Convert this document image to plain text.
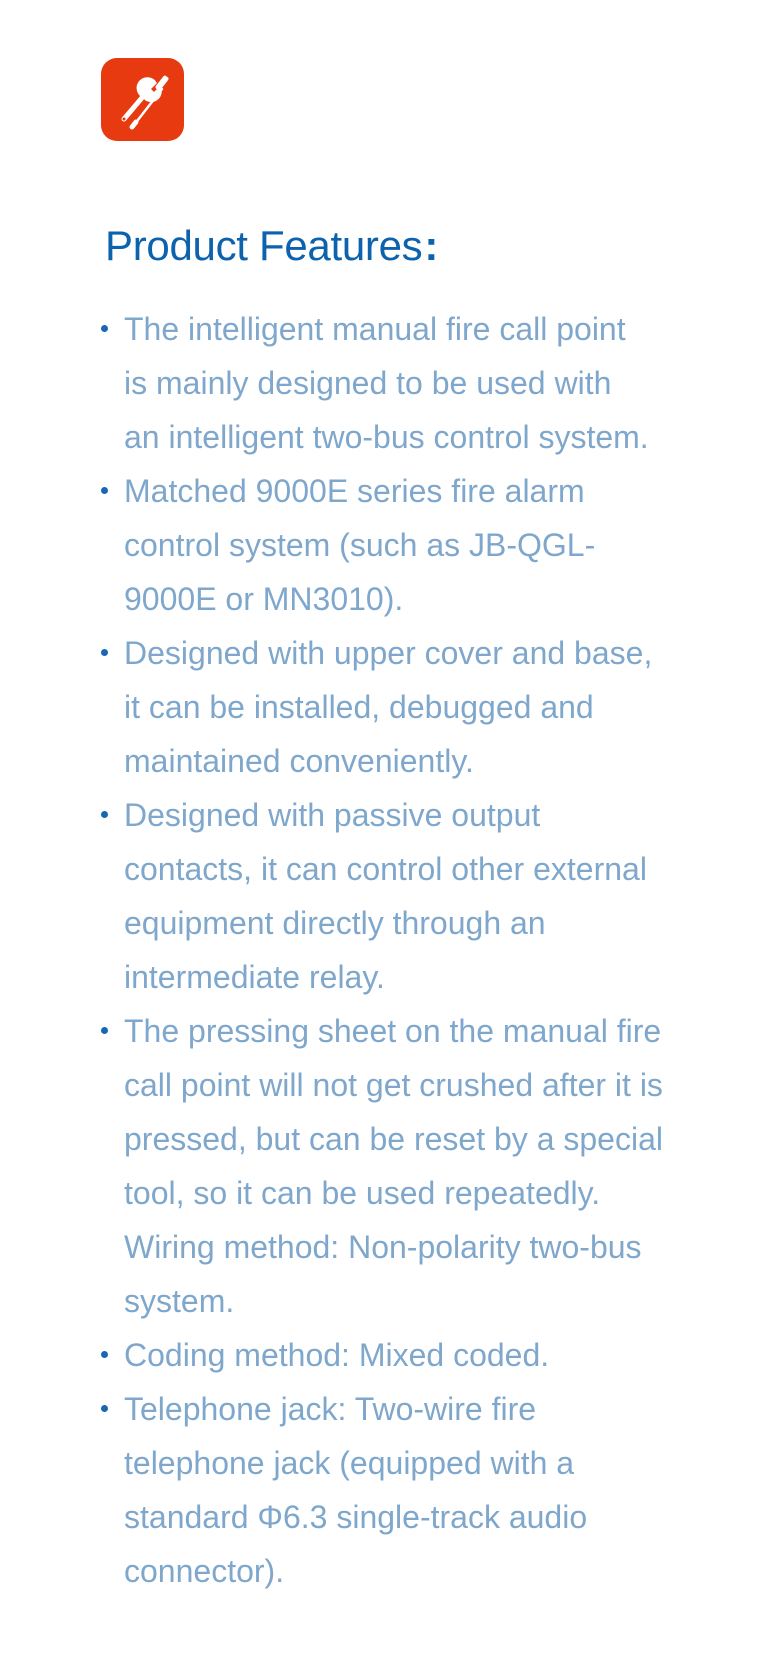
Product Features:
The intelligent manual fire call point
is mainly designed to be used with
an intelligent two-bus control system.
Matched 9000E series fire alarm
control system (such as JB-QGL-
9000E or MN3010).
Designed with upper cover and base,
it can be installed, debugged and
maintained conveniently.
Designed with passive output
contacts, it can control other external
equipment directly through an
intermediate relay.
The pressing sheet on the manual fire
call point will not get crushed after it is
pressed, but can be reset by a special
tool, so it can be used repeatedly.
Wiring method: Non-polarity two-bus
system.
Coding method: Mixed coded.
Telephone jack: Two-wire fire
telephone jack (equipped with a
standard Φ6.3 single-track audio
connector).
